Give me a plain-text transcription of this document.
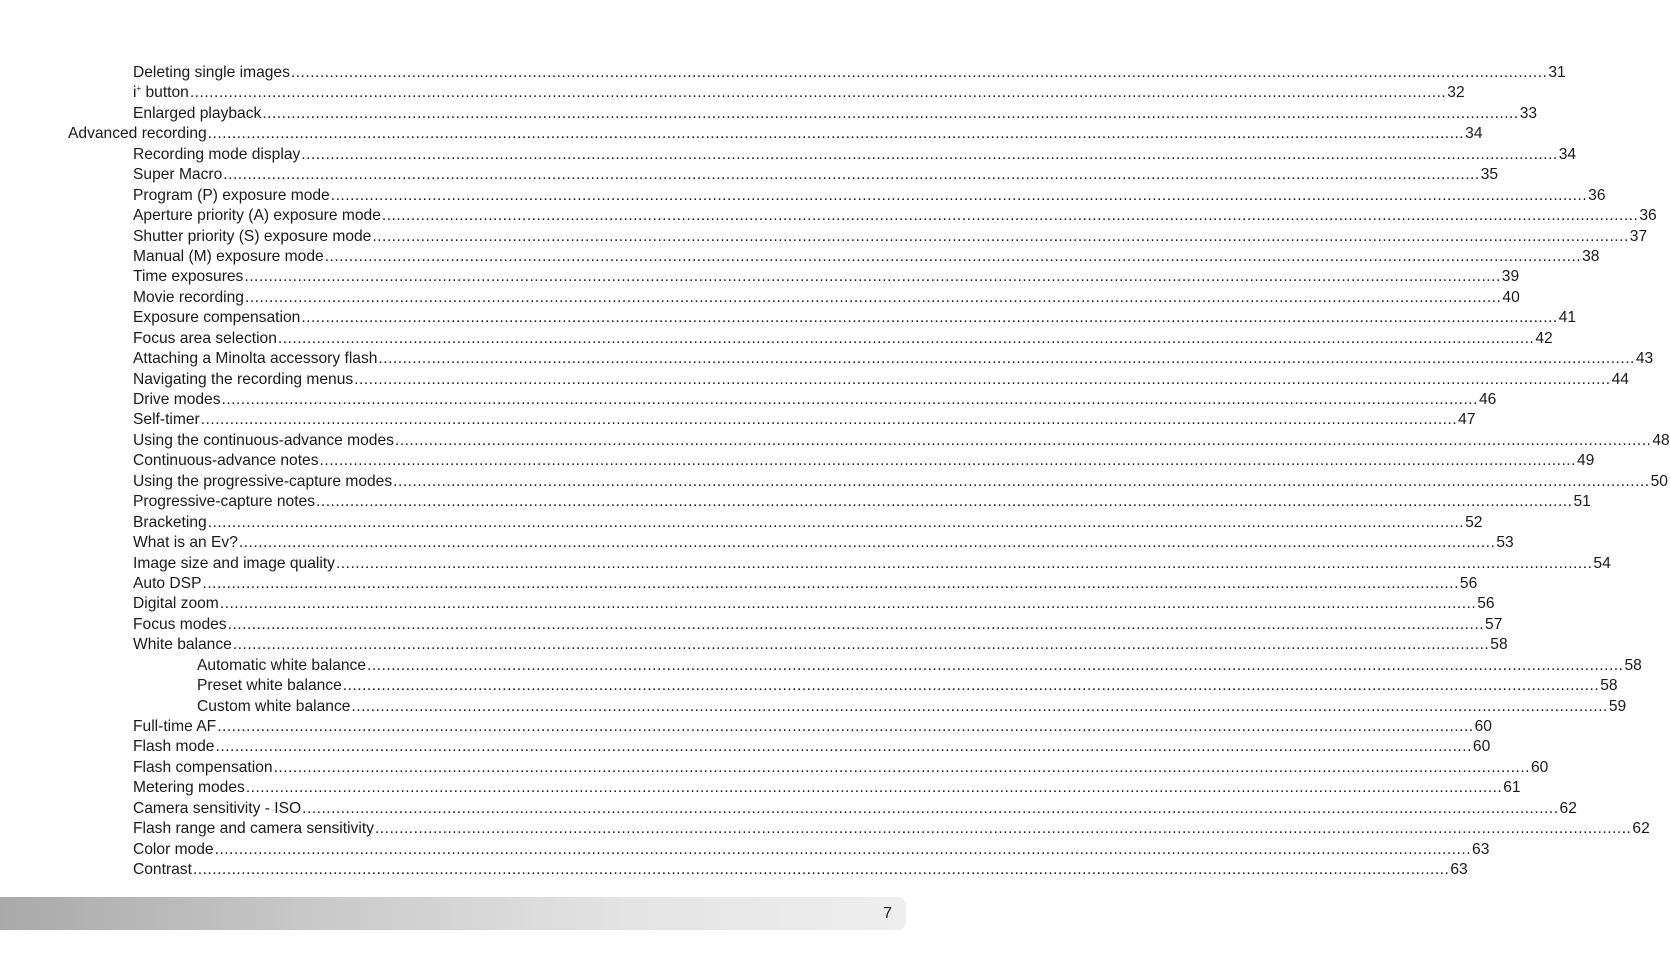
Deleting single images .................................................................................................................................................................................................................................................................... 31
i+ button .................................................................................................................................................................................................................................................................... 32
Enlarged playback .................................................................................................................................................................................................................................................................... 33
Advanced recording .................................................................................................................................................................................................................................................................... 34
Recording mode display .................................................................................................................................................................................................................................................................... 34
Super Macro .................................................................................................................................................................................................................................................................... 35
Program (P) exposure mode .................................................................................................................................................................................................................................................................... 36
Aperture priority (A) exposure mode .................................................................................................................................................................................................................................................................... 36
Shutter priority (S) exposure mode .................................................................................................................................................................................................................................................................... 37
Manual (M) exposure mode .................................................................................................................................................................................................................................................................... 38
Time exposures .................................................................................................................................................................................................................................................................... 39
Movie recording .................................................................................................................................................................................................................................................................... 40
Exposure compensation .................................................................................................................................................................................................................................................................... 41
Focus area selection .................................................................................................................................................................................................................................................................... 42
Attaching a Minolta accessory flash .................................................................................................................................................................................................................................................................... 43
Navigating the recording menus .................................................................................................................................................................................................................................................................... 44
Drive modes .................................................................................................................................................................................................................................................................... 46
Self-timer .................................................................................................................................................................................................................................................................... 47
Using the continuous-advance modes .................................................................................................................................................................................................................................................................... 48
Continuous-advance notes .................................................................................................................................................................................................................................................................... 49
Using the progressive-capture modes .................................................................................................................................................................................................................................................................... 50
Progressive-capture notes .................................................................................................................................................................................................................................................................... 51
Bracketing .................................................................................................................................................................................................................................................................... 52
What is an Ev? .................................................................................................................................................................................................................................................................... 53
Image size and image quality .................................................................................................................................................................................................................................................................... 54
Auto DSP .................................................................................................................................................................................................................................................................... 56
Digital zoom .................................................................................................................................................................................................................................................................... 56
Focus modes .................................................................................................................................................................................................................................................................... 57
White balance .................................................................................................................................................................................................................................................................... 58
Automatic white balance .................................................................................................................................................................................................................................................................... 58
Preset white balance .................................................................................................................................................................................................................................................................... 58
Custom white balance .................................................................................................................................................................................................................................................................... 59
Full-time AF .................................................................................................................................................................................................................................................................... 60
Flash mode .................................................................................................................................................................................................................................................................... 60
Flash compensation .................................................................................................................................................................................................................................................................... 60
Metering modes .................................................................................................................................................................................................................................................................... 61
Camera sensitivity - ISO .................................................................................................................................................................................................................................................................... 62
Flash range and camera sensitivity .................................................................................................................................................................................................................................................................... 62
Color mode .................................................................................................................................................................................................................................................................... 63
Contrast .................................................................................................................................................................................................................................................................... 63
7
